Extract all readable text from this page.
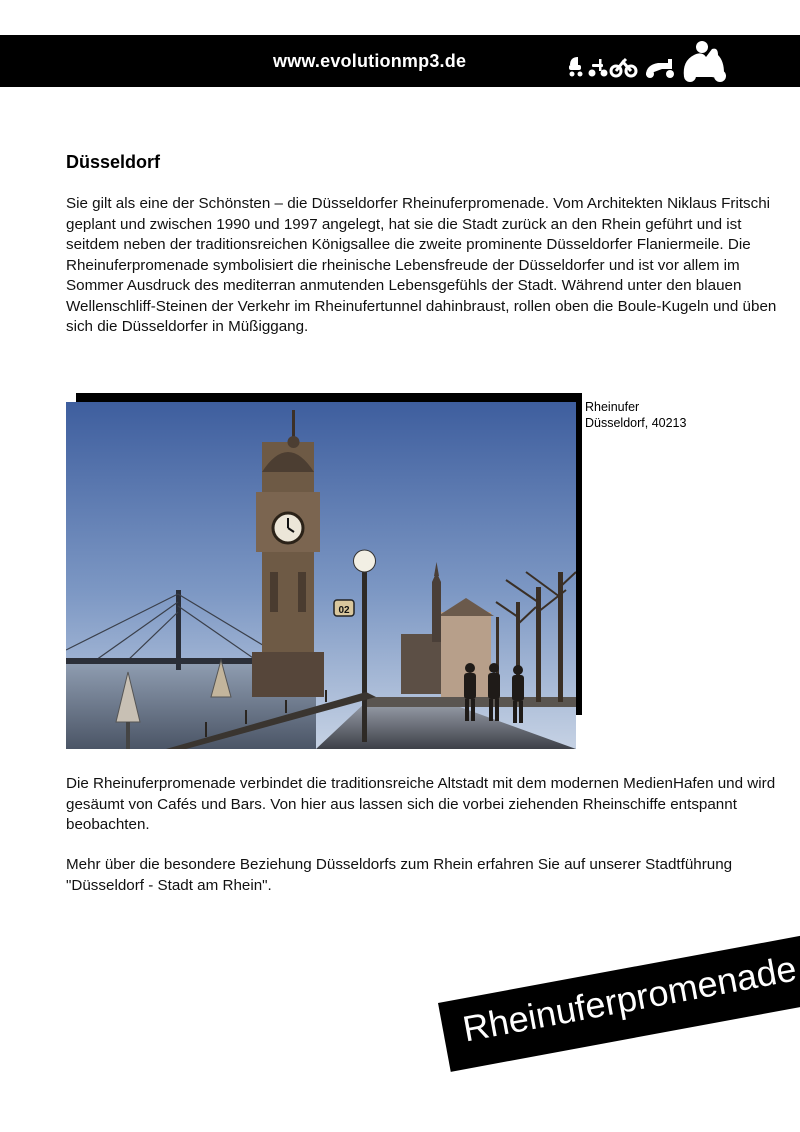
www.evolutionmp3.de
Düsseldorf

Sie gilt als eine der Schönsten – die Düsseldorfer Rheinuferpromenade. Vom Architekten Niklaus Fritschi geplant und zwischen 1990 und 1997 angelegt, hat sie die Stadt zurück an den Rhein geführt und ist seitdem neben der traditionsreichen Königsallee die zweite prominente Düsseldorfer Flaniermeile. Die Rheinuferpromenade symbolisiert die rheinische Lebensfreude der Düsseldorfer und ist vor allem im Sommer Ausdruck des mediterran anmutenden Lebensgefühls der Stadt. Während unter den blauen Wellenschliff-Steinen der Verkehr im Rheinufertunnel dahinbraust, rollen oben die Boule-Kugeln und üben sich die Düsseldorfer in Müßiggang.

02
Rheinufer
Düsseldorf, 40213

Die Rheinuferpromenade verbindet die traditionsreiche Altstadt mit dem modernen MedienHafen und wird gesäumt von Cafés und Bars. Von hier aus lassen sich die vorbei ziehenden Rheinschiffe entspannt beobachten.

Mehr über die besondere Beziehung Düsseldorfs zum Rhein erfahren Sie auf unserer Stadtführung "Düsseldorf - Stadt am Rhein".

Rheinuferpromenade
